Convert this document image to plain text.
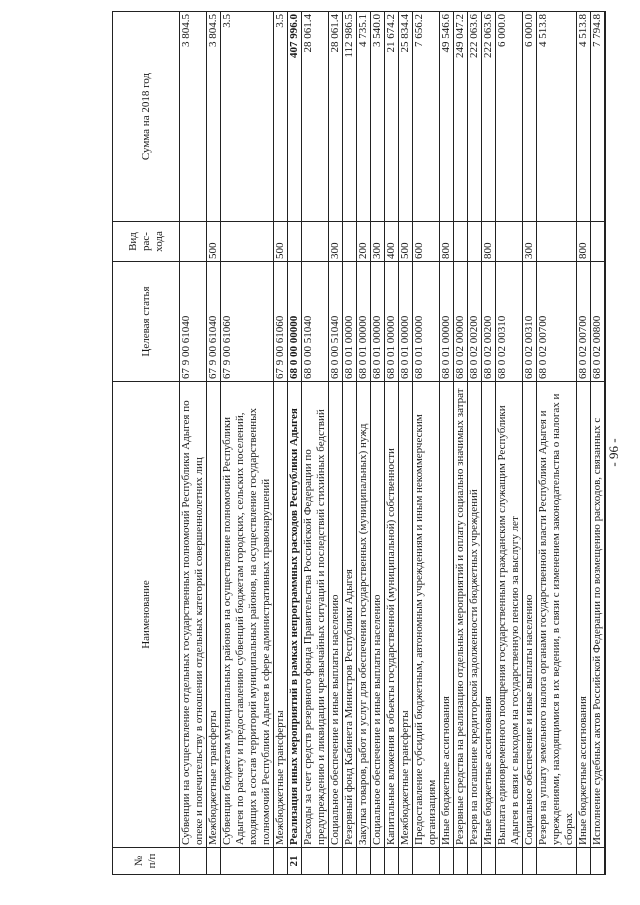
№ п/п	Наименование	Целевая статья	Вид рас-хода	Сумма на 2018 год
	Субвенции на осуществление отдельных государственных полномочий Республики Адыгея по опеке и попечительству в отношении отдельных категорий совершеннолетних лиц	67 9 00 61040		3 804.5
	Межбюджетные трансферты	67 9 00 61040	500	3 804.5
	Субвенции бюджетам муниципальных районов на осуществление полномочий Республики Адыгея по расчету и предоставлению субвенций бюджетам городских, сельских поселений, входящих в состав территорий муниципальных районов, на осуществление государственных полномочий Республики Адыгея в сфере административных правонарушений	67 9 00 61060		3.5
	Межбюджетные трансферты	67 9 00 61060	500	3.5
21	Реализация иных мероприятий в рамках непрограммных расходов Республики Адыгея	68 0 00 00000		407 996.0
	Расходы за счет средств резервного фонда Правительства Российской Федерации по предупреждению и ликвидации чрезвычайных ситуаций и последствий стихийных бедствий	68 0 00 51040		28 061.4
	Социальное обеспечение и иные выплаты населению	68 0 00 51040	300	28 061.4
	Резервный фонд Кабинета Министров Республики Адыгея	68 0 01 00000		112 986.5
	Закупка товаров, работ и услуг для обеспечения государственных (муниципальных) нужд	68 0 01 00000	200	4 735.1
	Социальное обеспечение и иные выплаты населению	68 0 01 00000	300	3 540.0
	Капитальные вложения в объекты государственной (муниципальной) собственности	68 0 01 00000	400	21 674.2
	Межбюджетные трансферты	68 0 01 00000	500	25 834.4
	Предоставление субсидий бюджетным, автономным учреждениям и иным некоммерческим организациям	68 0 01 00000	600	7 656.2
	Иные бюджетные ассигнования	68 0 01 00000	800	49 546.6
	Резервные средства на реализацию отдельных мероприятий и оплату социально значимых затрат	68 0 02 00000		249 047.2
	Резерв на погашение кредиторской задолженности бюджетных учреждений	68 0 02 00200		222 063.6
	Иные бюджетные ассигнования	68 0 02 00200	800	222 063.6
	Выплата единовременного поощрения государственным гражданским служащим Республики Адыгея в связи с выходом на государственную пенсию за выслугу лет	68 0 02 00310		6 000.0
	Социальное обеспечение и иные выплаты населению	68 0 02 00310	300	6 000.0
	Резерв на уплату земельного налога органами государственной власти Республики Адыгея и учреждениями, находящимися в их ведении, в связи с изменением законодательства о налогах и сборах	68 0 02 00700		4 513.8
	Иные бюджетные ассигнования	68 0 02 00700	800	4 513.8
	Исполнение судебных актов Российской Федерации по возмещению расходов, связанных с	68 0 02 00800		7 794.8

- 96 -
